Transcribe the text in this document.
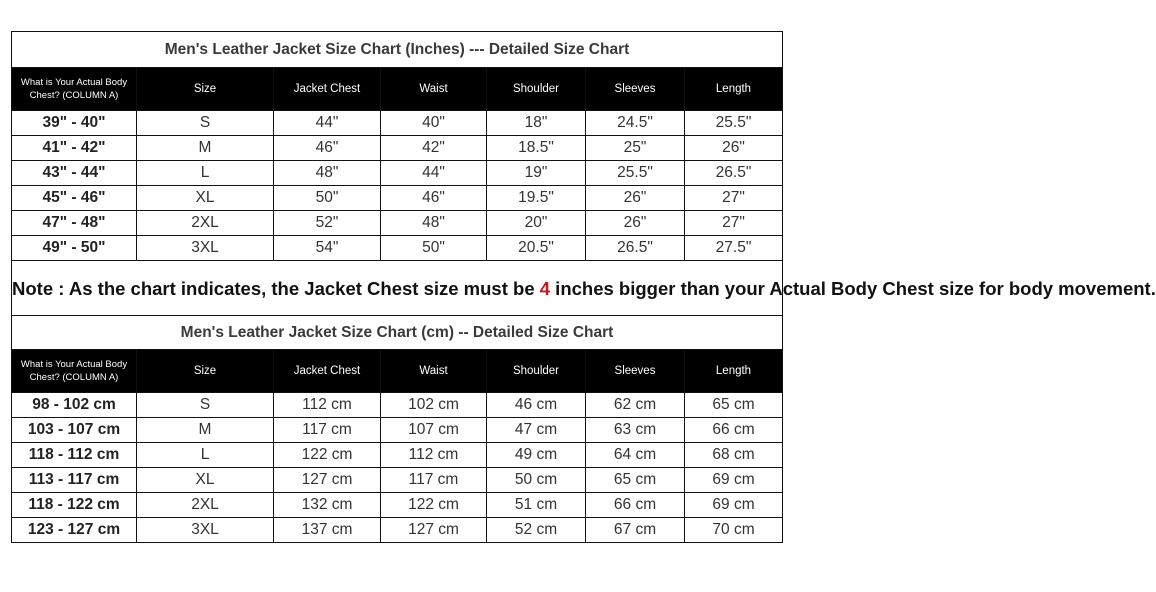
Men's Leather Jacket Size Chart (Inches) --- Detailed Size Chart						
What is Your Actual Body Chest? (COLUMN A)	Size	Jacket Chest	Waist	Shoulder	Sleeves	Length
39" - 40"	S	44"	40"	18"	24.5"	25.5"
41" - 42"	M	46"	42"	18.5"	25"	26"
43" - 44"	L	48"	44"	19"	25.5"	26.5"
45" - 46"	XL	50"	46"	19.5"	26"	27"
47" - 48"	2XL	52"	48"	20"	26"	27"
49" - 50"	3XL	54"	50"	20.5"	26.5"	27.5"
Note : As the chart indicates, the Jacket Chest size must be 4 inches bigger than your Actual Body Chest size for body movement.						
Men's Leather Jacket Size Chart (cm) -- Detailed Size Chart						
What is Your Actual Body Chest? (COLUMN A)	Size	Jacket Chest	Waist	Shoulder	Sleeves	Length
98 - 102 cm	S	112 cm	102 cm	46 cm	62 cm	65 cm
103 - 107 cm	M	117 cm	107 cm	47 cm	63 cm	66 cm
118 - 112 cm	L	122 cm	112 cm	49 cm	64 cm	68 cm
113 - 117 cm	XL	127 cm	117 cm	50 cm	65 cm	69 cm
118 - 122 cm	2XL	132 cm	122 cm	51 cm	66 cm	69 cm
123 - 127 cm	3XL	137 cm	127 cm	52 cm	67 cm	70 cm
